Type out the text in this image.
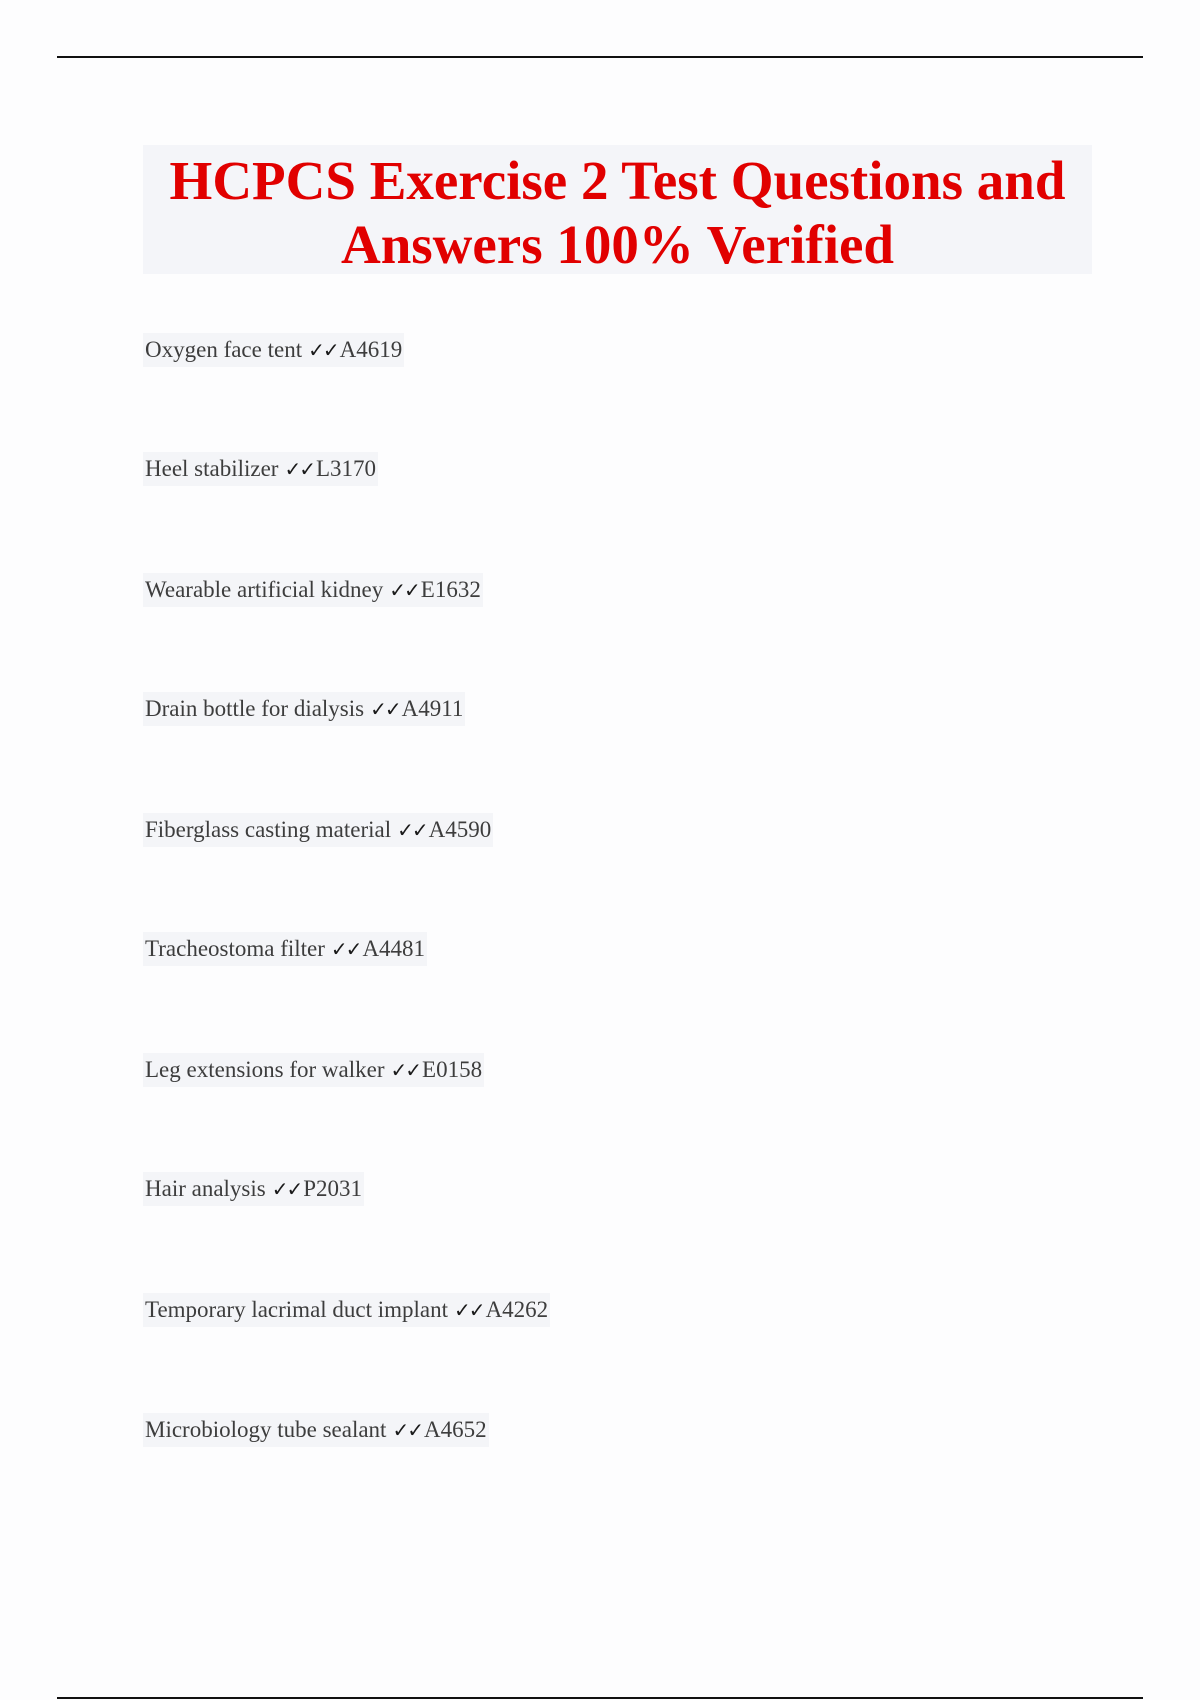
HCPCS Exercise 2 Test Questions and

Answers 100% Verified

Oxygen face tent ✓✓A4619
Heel stabilizer ✓✓L3170
Wearable artificial kidney ✓✓E1632
Drain bottle for dialysis ✓✓A4911
Fiberglass casting material ✓✓A4590
Tracheostoma filter ✓✓A4481
Leg extensions for walker ✓✓E0158
Hair analysis ✓✓P2031
Temporary lacrimal duct implant ✓✓A4262
Microbiology tube sealant ✓✓A4652
